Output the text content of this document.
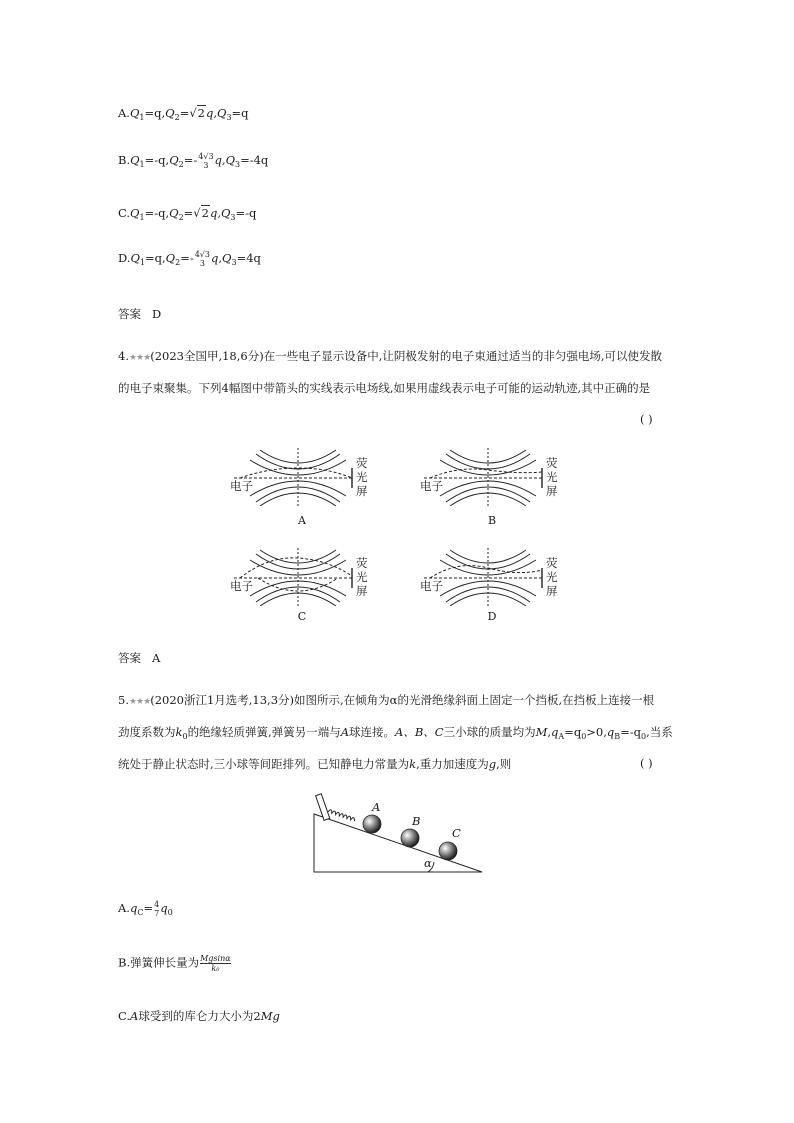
$A.Q_1=q,Q_2=√2q,Q_3=q$
$B.Q_1=-q,Q_2=-$ 4√3
3 $q,Q_3=-4q$
$C.Q_1=-q,Q_2=√2q,Q_3=-q$
$D.Q_1=q,Q_2=-$ 4√3
3 $q,Q_3=4q$
答案 D
4.★★★(2023全国甲,18,6分)在一些电子显示设备中,让阴极发射的电子束通过适当的非匀强电场,可以使发散
的电子束聚集。下列4幅图中带箭头的实线表示电场线,如果用虚线表示电子可能的运动轨迹,其中正确的是
( )
电子
荧光屏
A
电子
荧光屏
B
电子
荧光屏
C
电子
荧光屏
D
答案 A
5.★★★(2020浙江1月选考,13,3分)如图所示,在倾角为α的光滑绝缘斜面上固定一个挡板,在挡板上连接一根
劲度系数为$k_0$的绝缘轻质弹簧,弹簧另一端与A球连接。A、B、C三小球的质量均为$M,q_A=q_0>0,q_B=-q_0$,当系
统处于静止状态时,三小球等间距排列。已知静电力常量为k,重力加速度为g,则	( )
A
B
C
α
$A.q_C= 4$
7 $q_0$
B.弹簧伸长量为 $\frac{Mgsin\alpha}{\text{k₀}}$
C.A球受到的库仑力大小为2Mg
